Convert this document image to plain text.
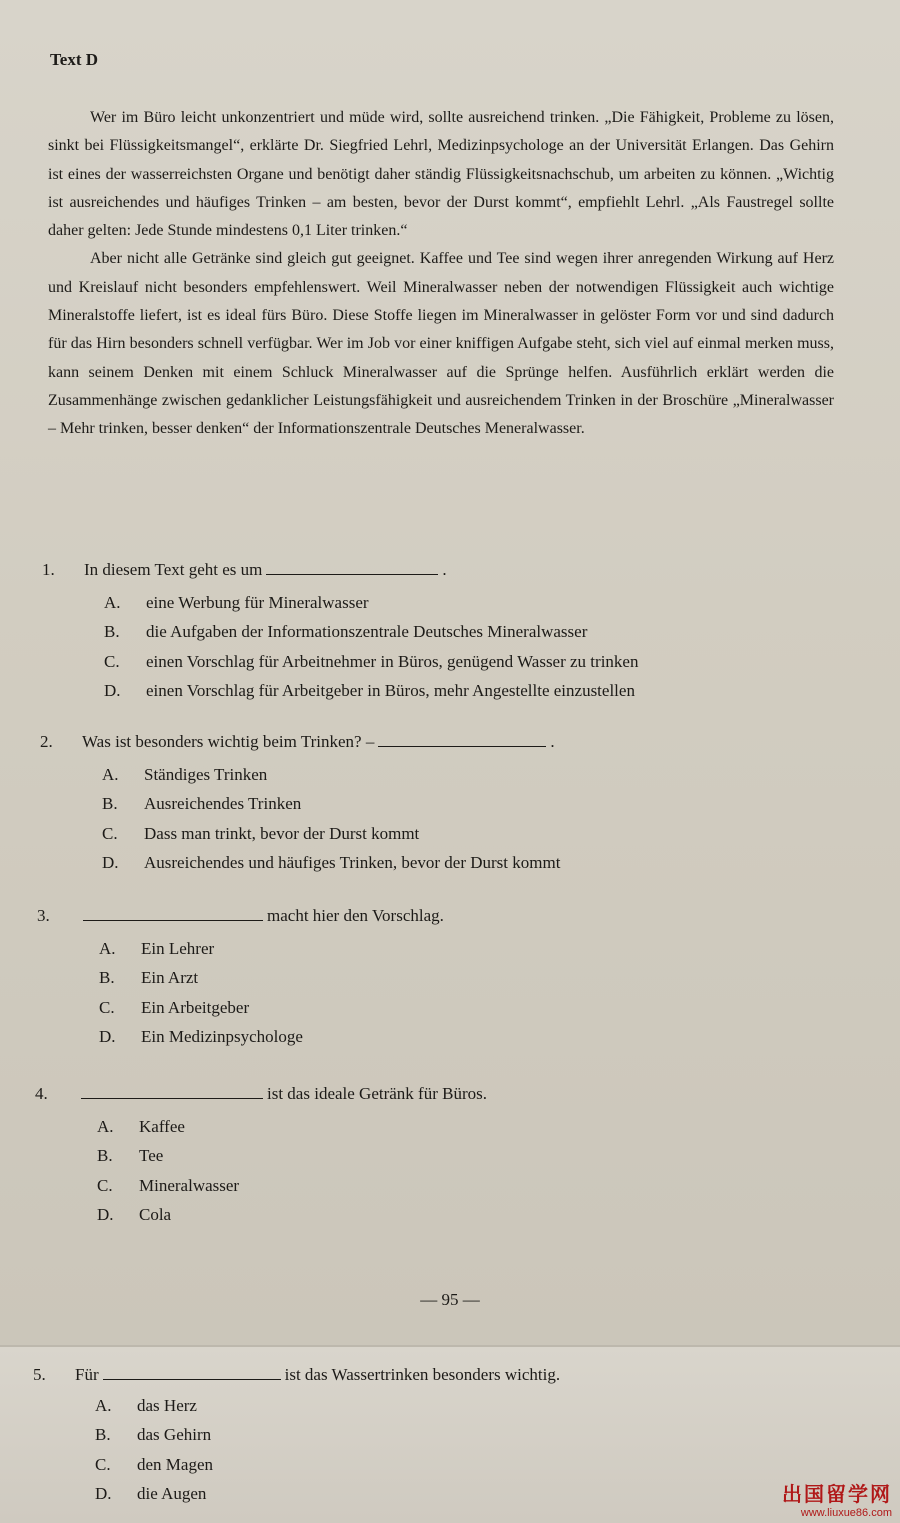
Text D

Wer im Büro leicht unkonzentriert und müde wird, sollte ausreichend trinken. „Die Fähigkeit, Probleme zu lösen, sinkt bei Flüssigkeitsmangel“, erklärte Dr. Siegfried Lehrl, Medizinpsychologe an der Universität Erlangen. Das Gehirn ist eines der wasserreichsten Organe und benötigt daher ständig Flüssigkeitsnachschub, um arbeiten zu können. „Wichtig ist ausreichendes und häufiges Trinken – am besten, bevor der Durst kommt“, empfiehlt Lehrl. „Als Faustregel sollte daher gelten: Jede Stunde mindestens 0,1 Liter trinken.“

Aber nicht alle Getränke sind gleich gut geeignet. Kaffee und Tee sind wegen ihrer anregenden Wirkung auf Herz und Kreislauf nicht besonders empfehlenswert. Weil Mineralwasser neben der notwendigen Flüssigkeit auch wichtige Mineralstoffe liefert, ist es ideal fürs Büro. Diese Stoffe liegen im Mineralwasser in gelöster Form vor und sind dadurch für das Hirn besonders schnell verfügbar. Wer im Job vor einer kniffigen Aufgabe steht, sich viel auf einmal merken muss, kann seinem Denken mit einem Schluck Mineralwasser auf die Sprünge helfen. Ausführlich erklärt werden die Zusammenhänge zwischen gedanklicher Leistungsfähigkeit und ausreichendem Trinken in der Broschüre „Mineralwasser – Mehr trinken, besser denken“ der Informationszentrale Deutsches Meneralwasser.

1.	In diesem Text geht es um	.
A.	eine Werbung für Mineralwasser
B.	die Aufgaben der Informationszentrale Deutsches Mineralwasser
C.	einen Vorschlag für Arbeitnehmer in Büros, genügend Wasser zu trinken
D.	einen Vorschlag für Arbeitgeber in Büros, mehr Angestellte einzustellen
2.	Was ist besonders wichtig beim Trinken? –	.
A.	Ständiges Trinken
B.	Ausreichendes Trinken
C.	Dass man trinkt, bevor der Durst kommt
D.	Ausreichendes und häufiges Trinken, bevor der Durst kommt
3.	macht hier den Vorschlag.
A.	Ein Lehrer
B.	Ein Arzt
C.	Ein Arbeitgeber
D.	Ein Medizinpsychologe
4.	ist das ideale Getränk für Büros.
A.	Kaffee
B.	Tee
C.	Mineralwasser
D.	Cola
— 95 —
5.	Für	ist das Wassertrinken besonders wichtig.
A.	das Herz
B.	das Gehirn
C.	den Magen
D.	die Augen	出国留学网
www.liuxue86.com
